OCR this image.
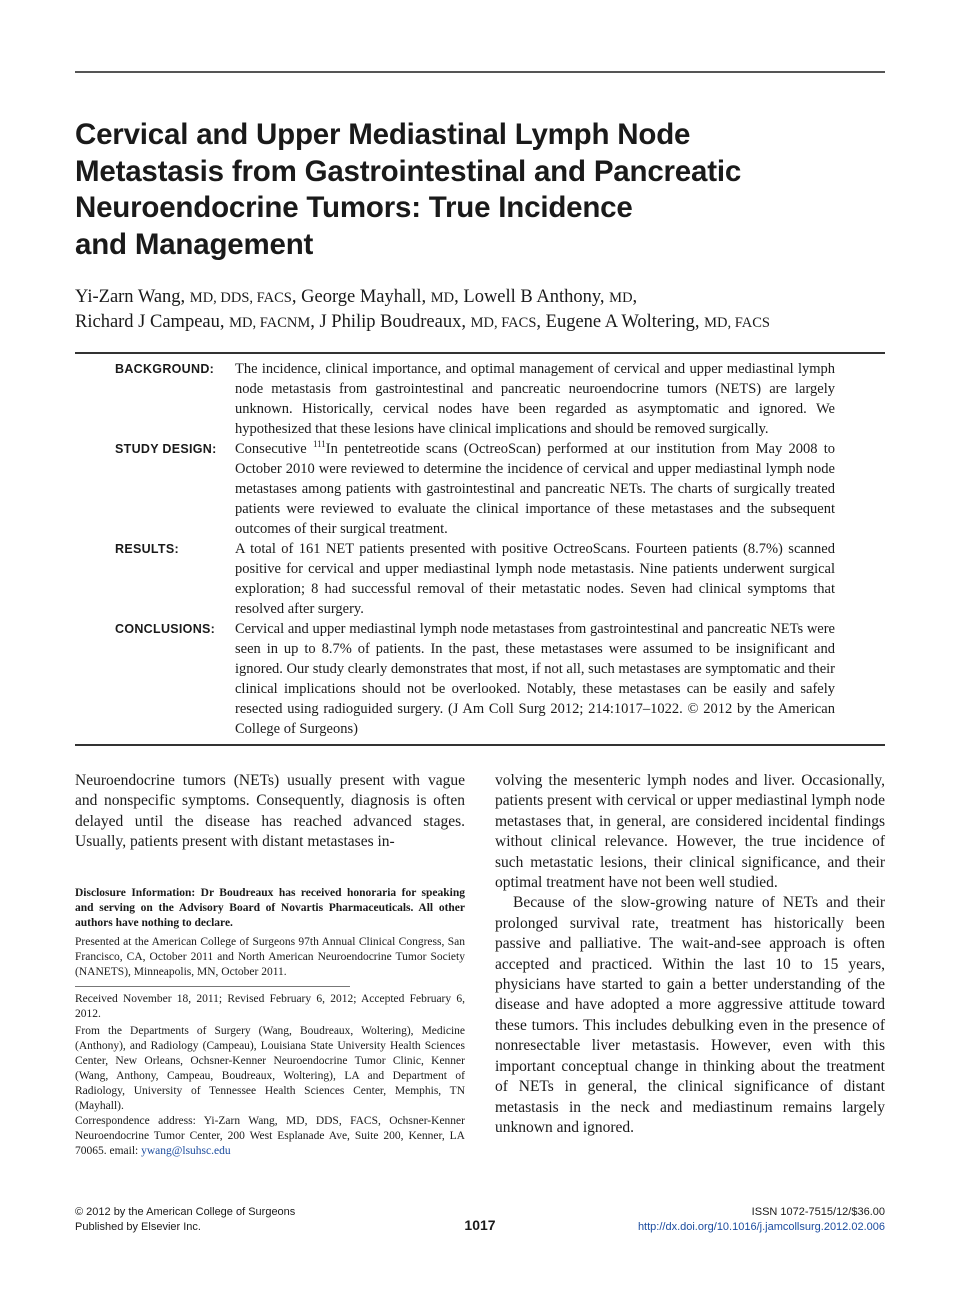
Cervical and Upper Mediastinal Lymph Node
Metastasis from Gastrointestinal and Pancreatic
Neuroendocrine Tumors: True Incidence
and Management
Yi-Zarn Wang, MD, DDS, FACS, George Mayhall, MD, Lowell B Anthony, MD,
Richard J Campeau, MD, FACNM, J Philip Boudreaux, MD, FACS, Eugene A Woltering, MD, FACS
BACKGROUND: The incidence, clinical importance, and optimal management of cervical and upper mediastinal lymph node metastasis from gastrointestinal and pancreatic neuroendocrine tumors (NETS) are largely unknown. Historically, cervical nodes have been regarded as asymptomatic and ignored. We hypothesized that these lesions have clinical implications and should be removed surgically.
STUDY DESIGN: Consecutive $^{111}$In pentetreotide scans (OctreoScan) performed at our institution from May 2008 to October 2010 were reviewed to determine the incidence of cervical and upper mediastinal lymph node metastases among patients with gastrointestinal and pancreatic NETs. The charts of surgically treated patients were reviewed to evaluate the clinical importance of these metastases and the subsequent outcomes of their surgical treatment.
RESULTS:	A total of 161 NET patients presented with positive OctreoScans. Fourteen patients (8.7%) scanned positive for cervical and upper mediastinal lymph node metastasis. Nine patients underwent surgical exploration; 8 had successful removal of their metastatic nodes. Seven had clinical symptoms that resolved after surgery.
CONCLUSIONS: Cervical and upper mediastinal lymph node metastases from gastrointestinal and pancreatic NETs were seen in up to 8.7% of patients. In the past, these metastases were assumed to be insignificant and ignored. Our study clearly demonstrates that most, if not all, such metastases are symptomatic and their clinical implications should not be overlooked. Notably, these metastases can be easily and safely resected using radioguided surgery. (J Am Coll Surg 2012; 214:1017–1022. © 2012 by the American College of Surgeons)

Neuroendocrine tumors (NETs) usually present with vague and nonspecific symptoms. Consequently, diagnosis is often delayed until the disease has reached advanced stages. Usually, patients present with distant metastases in-

volving the mesenteric lymph nodes and liver. Occasionally, patients present with cervical or upper mediastinal lymph node metastases that, in general, are considered incidental findings without clinical relevance. However, the true incidence of such metastatic lesions, their clinical significance, and their optimal treatment have not been well studied.

Because of the slow-growing nature of NETs and their prolonged survival rate, treatment has historically been passive and palliative. The wait-and-see approach is often accepted and practiced. Within the last 10 to 15 years, physicians have started to gain a better understanding of the disease and have adopted a more aggressive attitude toward these tumors. This includes debulking even in the presence of nonresectable liver metastasis. However, even with this important conceptual change in thinking about the treatment of NETs in general, the clinical significance of distant metastasis in the neck and mediastinum remains largely unknown and ignored.

Disclosure Information: Dr Boudreaux has received honoraria for speaking and serving on the Advisory Board of Novartis Pharmaceuticals. All other authors have nothing to declare.

Presented at the American College of Surgeons 97th Annual Clinical Congress, San Francisco, CA, October 2011 and North American Neuroendocrine Tumor Society (NANETS), Minneapolis, MN, October 2011.

Received November 18, 2011; Revised February 6, 2012; Accepted February 6, 2012.

From the Departments of Surgery (Wang, Boudreaux, Woltering), Medicine (Anthony), and Radiology (Campeau), Louisiana State University Health Sciences Center, New Orleans, Ochsner-Kenner Neuroendocrine Tumor Clinic, Kenner (Wang, Anthony, Campeau, Boudreaux, Woltering), LA and Department of Radiology, University of Tennessee Health Sciences Center, Memphis, TN (Mayhall).

Correspondence address: Yi-Zarn Wang, MD, DDS, FACS, Ochsner-Kenner Neuroendocrine Tumor Center, 200 West Esplanade Ave, Suite 200, Kenner, LA 70065. email: ywang@lsuhsc.edu

© 2012 by the American College of Surgeons
Published by Elsevier Inc.	1017
ISSN 1072-7515/12/$36.00
http://dx.doi.org/10.1016/j.jamcollsurg.2012.02.006
